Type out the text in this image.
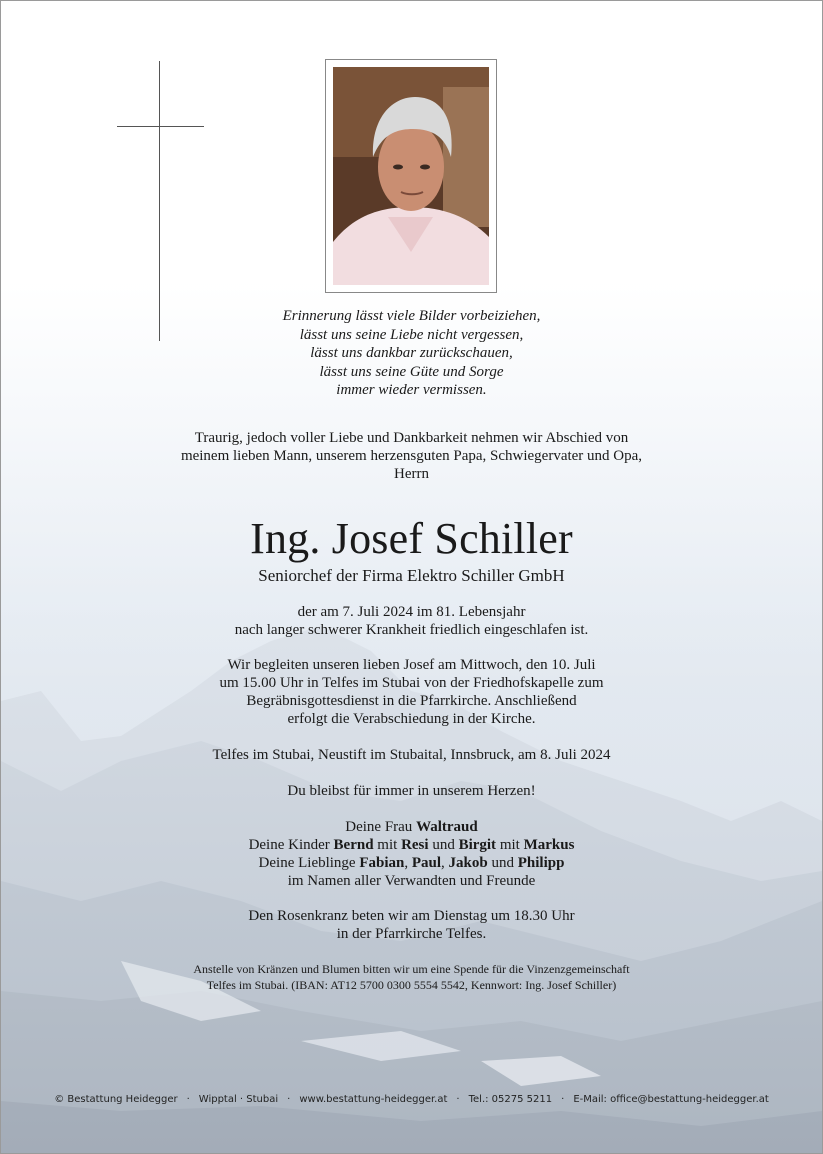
Erinnerung lässt viele Bilder vorbeiziehen,
lässt uns seine Liebe nicht vergessen,
lässt uns dankbar zurückschauen,
lässt uns seine Güte und Sorge
immer wieder vermissen.
Traurig, jedoch voller Liebe und Dankbarkeit nehmen wir Abschied von
meinem lieben Mann, unserem herzensguten Papa, Schwiegervater und Opa,
Herrn
Ing. Josef Schiller
Seniorchef der Firma Elektro Schiller GmbH
der am 7. Juli 2024 im 81. Lebensjahr
nach langer schwerer Krankheit friedlich eingeschlafen ist.
Wir begleiten unseren lieben Josef am Mittwoch, den 10. Juli
um 15.00 Uhr in Telfes im Stubai von der Friedhofskapelle zum
Begräbnisgottesdienst in die Pfarrkirche. Anschließend
erfolgt die Verabschiedung in der Kirche.
Telfes im Stubai, Neustift im Stubaital, Innsbruck, am 8. Juli 2024
Du bleibst für immer in unserem Herzen!
Deine Frau Waltraud
Deine Kinder Bernd mit Resi und Birgit mit Markus
Deine Lieblinge Fabian, Paul, Jakob und Philipp
im Namen aller Verwandten und Freunde
Den Rosenkranz beten wir am Dienstag um 18.30 Uhr
in der Pfarrkirche Telfes.
Anstelle von Kränzen und Blumen bitten wir um eine Spende für die Vinzenzgemeinschaft
Telfes im Stubai. (IBAN: AT12 5700 0300 5554 5542, Kennwort: Ing. Josef Schiller)
© Bestattung Heidegger · Wipptal · Stubai · www.bestattung-heidegger.at · Tel.: 05275 5211 · E-Mail: office@bestattung-heidegger.at
